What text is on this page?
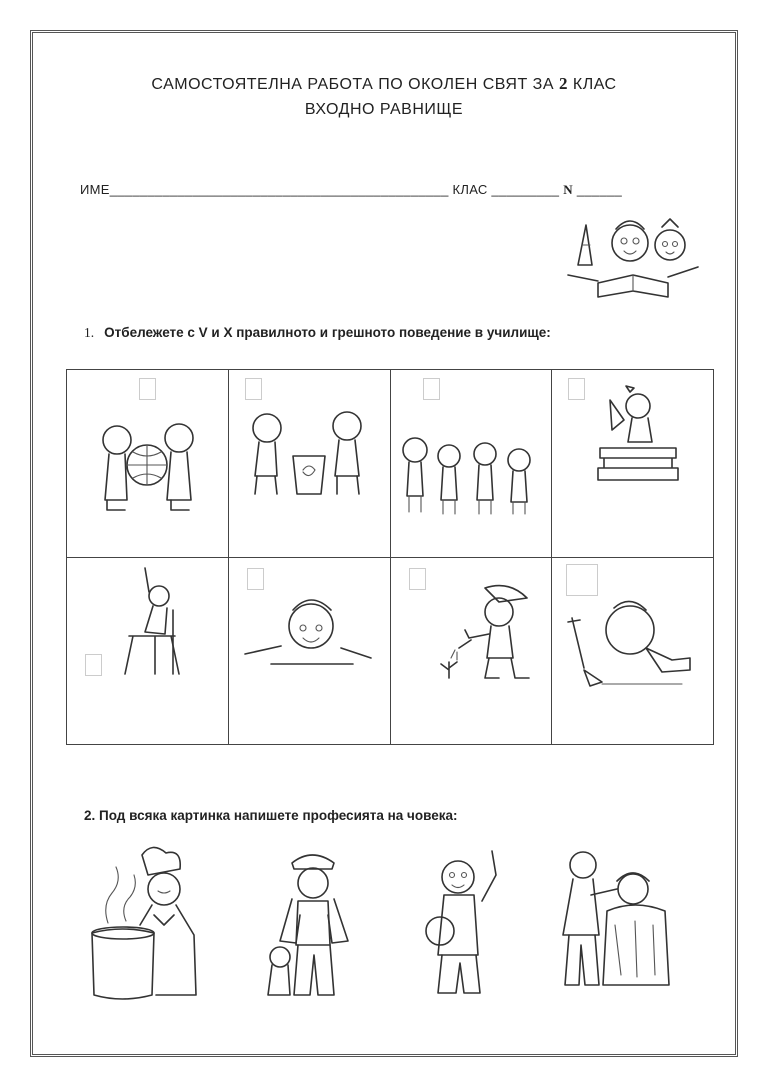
САМОСТОЯТЕЛНА РАБОТА ПО ОКОЛЕН СВЯТ ЗА 2 КЛАС
ВХОДНО РАВНИЩЕ
ИМЕ_____________________________________________ КЛАС _________ N ______
1. Отбележете с V и X правилното и грешното поведение в училище:

2. Под всяка картинка напишете професията на човека:
